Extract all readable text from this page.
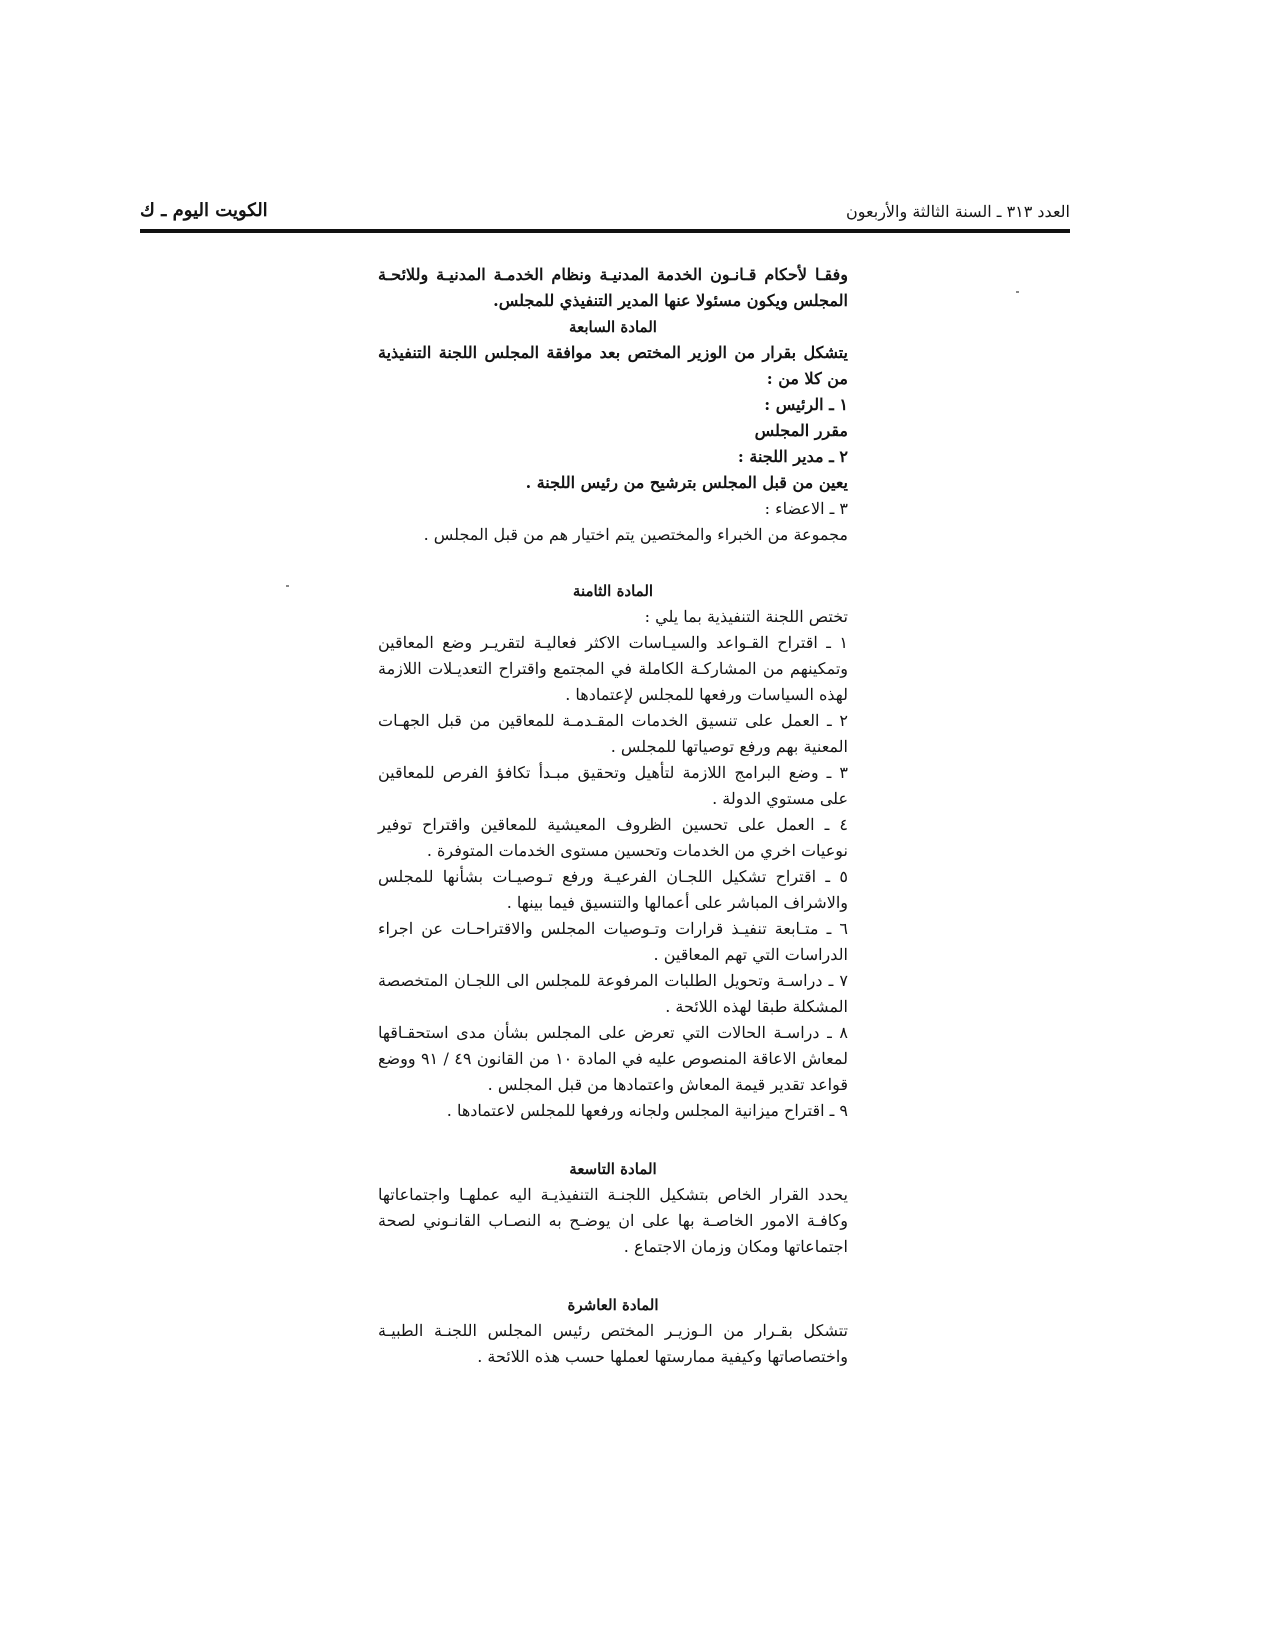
العدد ٣١٣ ـ السنة الثالثة والأربعون
الكويت اليوم ـ ك

وفقـا لأحكام قـانـون الخدمة المدنيـة ونظام الخدمـة المدنيـة وللائحـة المجلس ويكون مسئولا عنها المدير التنفيذي للمجلس.

المادة السابعة

يتشكل بقرار من الوزير المختص بعد موافقة المجلس اللجنة التنفيذية من كلا من :

١ ـ الرئيس :

مقرر المجلس

٢ ـ مدير اللجنة :

يعين من قبل المجلس بترشيح من رئيس اللجنة .

٣ ـ الاعضاء :

مجموعة من الخبراء والمختصين يتم اختيار هم من قبل المجلس .

المادة الثامنة

تختص اللجنة التنفيذية بما يلي :

١ ـ اقتراح القـواعد والسيـاسات الاكثر فعاليـة لتقريـر وضع المعاقين وتمكينهم من المشاركـة الكاملة في المجتمع واقتراح التعديـلات اللازمة لهذه السياسات ورفعها للمجلس لإعتمادها .

٢ ـ العمل على تنسيق الخدمات المقـدمـة للمعاقين من قبل الجهـات المعنية بهم ورفع توصياتها للمجلس .

٣ ـ وضع البرامج اللازمة لتأهيل وتحقيق مبـدأ تكافؤ الفرص للمعاقين على مستوي الدولة .

٤ ـ العمل على تحسين الظروف المعيشية للمعاقين واقتراح توفير نوعيات اخري من الخدمات وتحسين مستوى الخدمات المتوفرة .

٥ ـ اقتراح تشكيل اللجـان الفرعيـة ورفع تـوصيـات بشأنها للمجلس والاشراف المباشر على أعمالها والتنسيق فيما بينها .

٦ ـ متـابعة تنفيـذ قرارات وتـوصيات المجلس والاقتراحـات عن اجراء الدراسات التي تهم المعاقين .

٧ ـ دراسـة وتحويل الطلبات المرفوعة للمجلس الى اللجـان المتخصصة المشكلة طبقا لهذه اللائحة .

٨ ـ دراسـة الحالات التي تعرض على المجلس بشأن مدى استحقـاقها لمعاش الاعاقة المنصوص عليه في المادة ١٠ من القانون ٤٩ / ٩١ ووضع قواعد تقدير قيمة المعاش واعتمادها من قبل المجلس .

٩ ـ اقتراح ميزانية المجلس ولجانه ورفعها للمجلس لاعتمادها .

المادة التاسعة

يحدد القرار الخاص بتشكيل اللجنـة التنفيذيـة اليه عملهـا واجتماعاتها وكافـة الامور الخاصـة بها على ان يوضـح به النصـاب القانـوني لصحة اجتماعاتها ومكان وزمان الاجتماع .

المادة العاشرة

تتشكل بقـرار من الـوزيـر المختص رئيس المجلس اللجنـة الطبيـة واختصاصاتها وكيفية ممارستها لعملها حسب هذه اللائحة .
